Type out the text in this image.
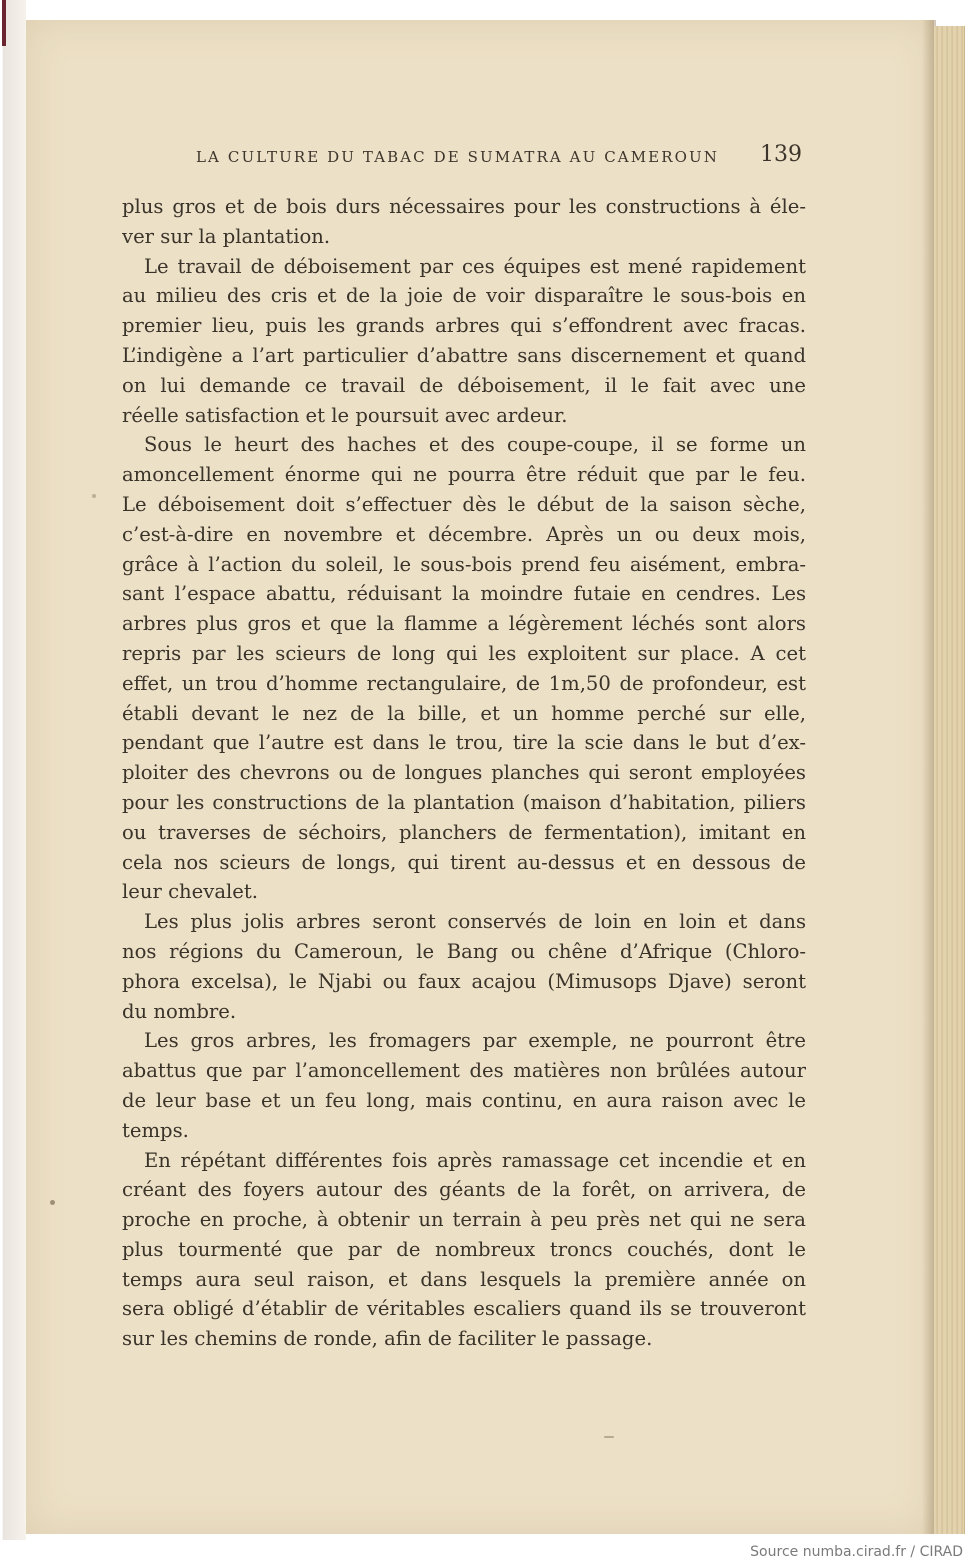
LA CULTURE DU TABAC DE SUMATRA AU CAMEROUN 139
plus gros et de bois durs nécessaires pour les constructions à éle-
ver sur la plantation.
Le travail de déboisement par ces équipes est mené rapidement
au milieu des cris et de la joie de voir disparaître le sous-bois en
premier lieu, puis les grands arbres qui s’effondrent avec fracas.
L’indigène a l’art particulier d’abattre sans discernement et quand
on lui demande ce travail de déboisement, il le fait avec une
réelle satisfaction et le poursuit avec ardeur.
Sous le heurt des haches et des coupe-coupe, il se forme un
amoncellement énorme qui ne pourra être réduit que par le feu.
Le déboisement doit s’effectuer dès le début de la saison sèche,
c’est-à-dire en novembre et décembre. Après un ou deux mois,
grâce à l’action du soleil, le sous-bois prend feu aisément, embra-
sant l’espace abattu, réduisant la moindre futaie en cendres. Les
arbres plus gros et que la flamme a légèrement léchés sont alors
repris par les scieurs de long qui les exploitent sur place. A cet
effet, un trou d’homme rectangulaire, de 1m,50 de profondeur, est
établi devant le nez de la bille, et un homme perché sur elle,
pendant que l’autre est dans le trou, tire la scie dans le but d’ex-
ploiter des chevrons ou de longues planches qui seront employées
pour les constructions de la plantation (maison d’habitation, piliers
ou traverses de séchoirs, planchers de fermentation), imitant en
cela nos scieurs de longs, qui tirent au-dessus et en dessous de
leur chevalet.
Les plus jolis arbres seront conservés de loin en loin et dans
nos régions du Cameroun, le Bang ou chêne d’Afrique (Chloro-
phora excelsa), le Njabi ou faux acajou (Mimusops Djave) seront
du nombre.
Les gros arbres, les fromagers par exemple, ne pourront être
abattus que par l’amoncellement des matières non brûlées autour
de leur base et un feu long, mais continu, en aura raison avec le
temps.
En répétant différentes fois après ramassage cet incendie et en
créant des foyers autour des géants de la forêt, on arrivera, de
proche en proche, à obtenir un terrain à peu près net qui ne sera
plus tourmenté que par de nombreux troncs couchés, dont le
temps aura seul raison, et dans lesquels la première année on
sera obligé d’établir de véritables escaliers quand ils se trouveront
sur les chemins de ronde, afin de faciliter le passage.
Source numba.cirad.fr / CIRAD
